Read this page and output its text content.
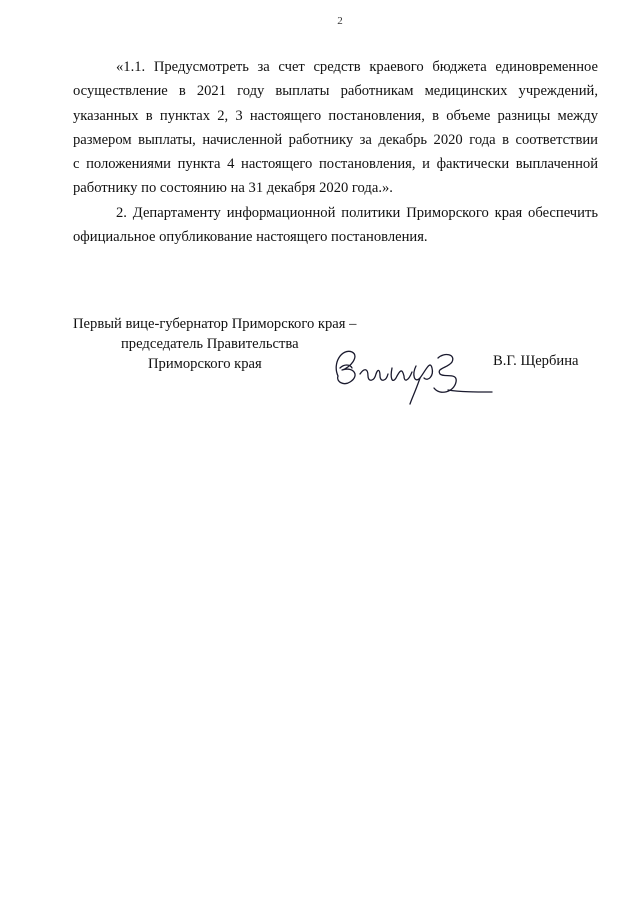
2

«1.1. Предусмотреть за счет средств краевого бюджета единовременное
осуществление в 2021 году выплаты работникам медицинских учреждений,
указанных в пунктах 2, 3 настоящего постановления, в объеме разницы между
размером выплаты, начисленной работнику за декабрь 2020 года в соответствии
с положениями пункта 4 настоящего постановления, и фактически выплаченной
работнику по состоянию на 31 декабря 2020 года.».

2. Департаменту информационной политики Приморского края обеспечить
официальное опубликование настоящего постановления.

Первый вице-губернатор Приморского края –
председатель Правительства
Приморского края	В.Г. Щербина
